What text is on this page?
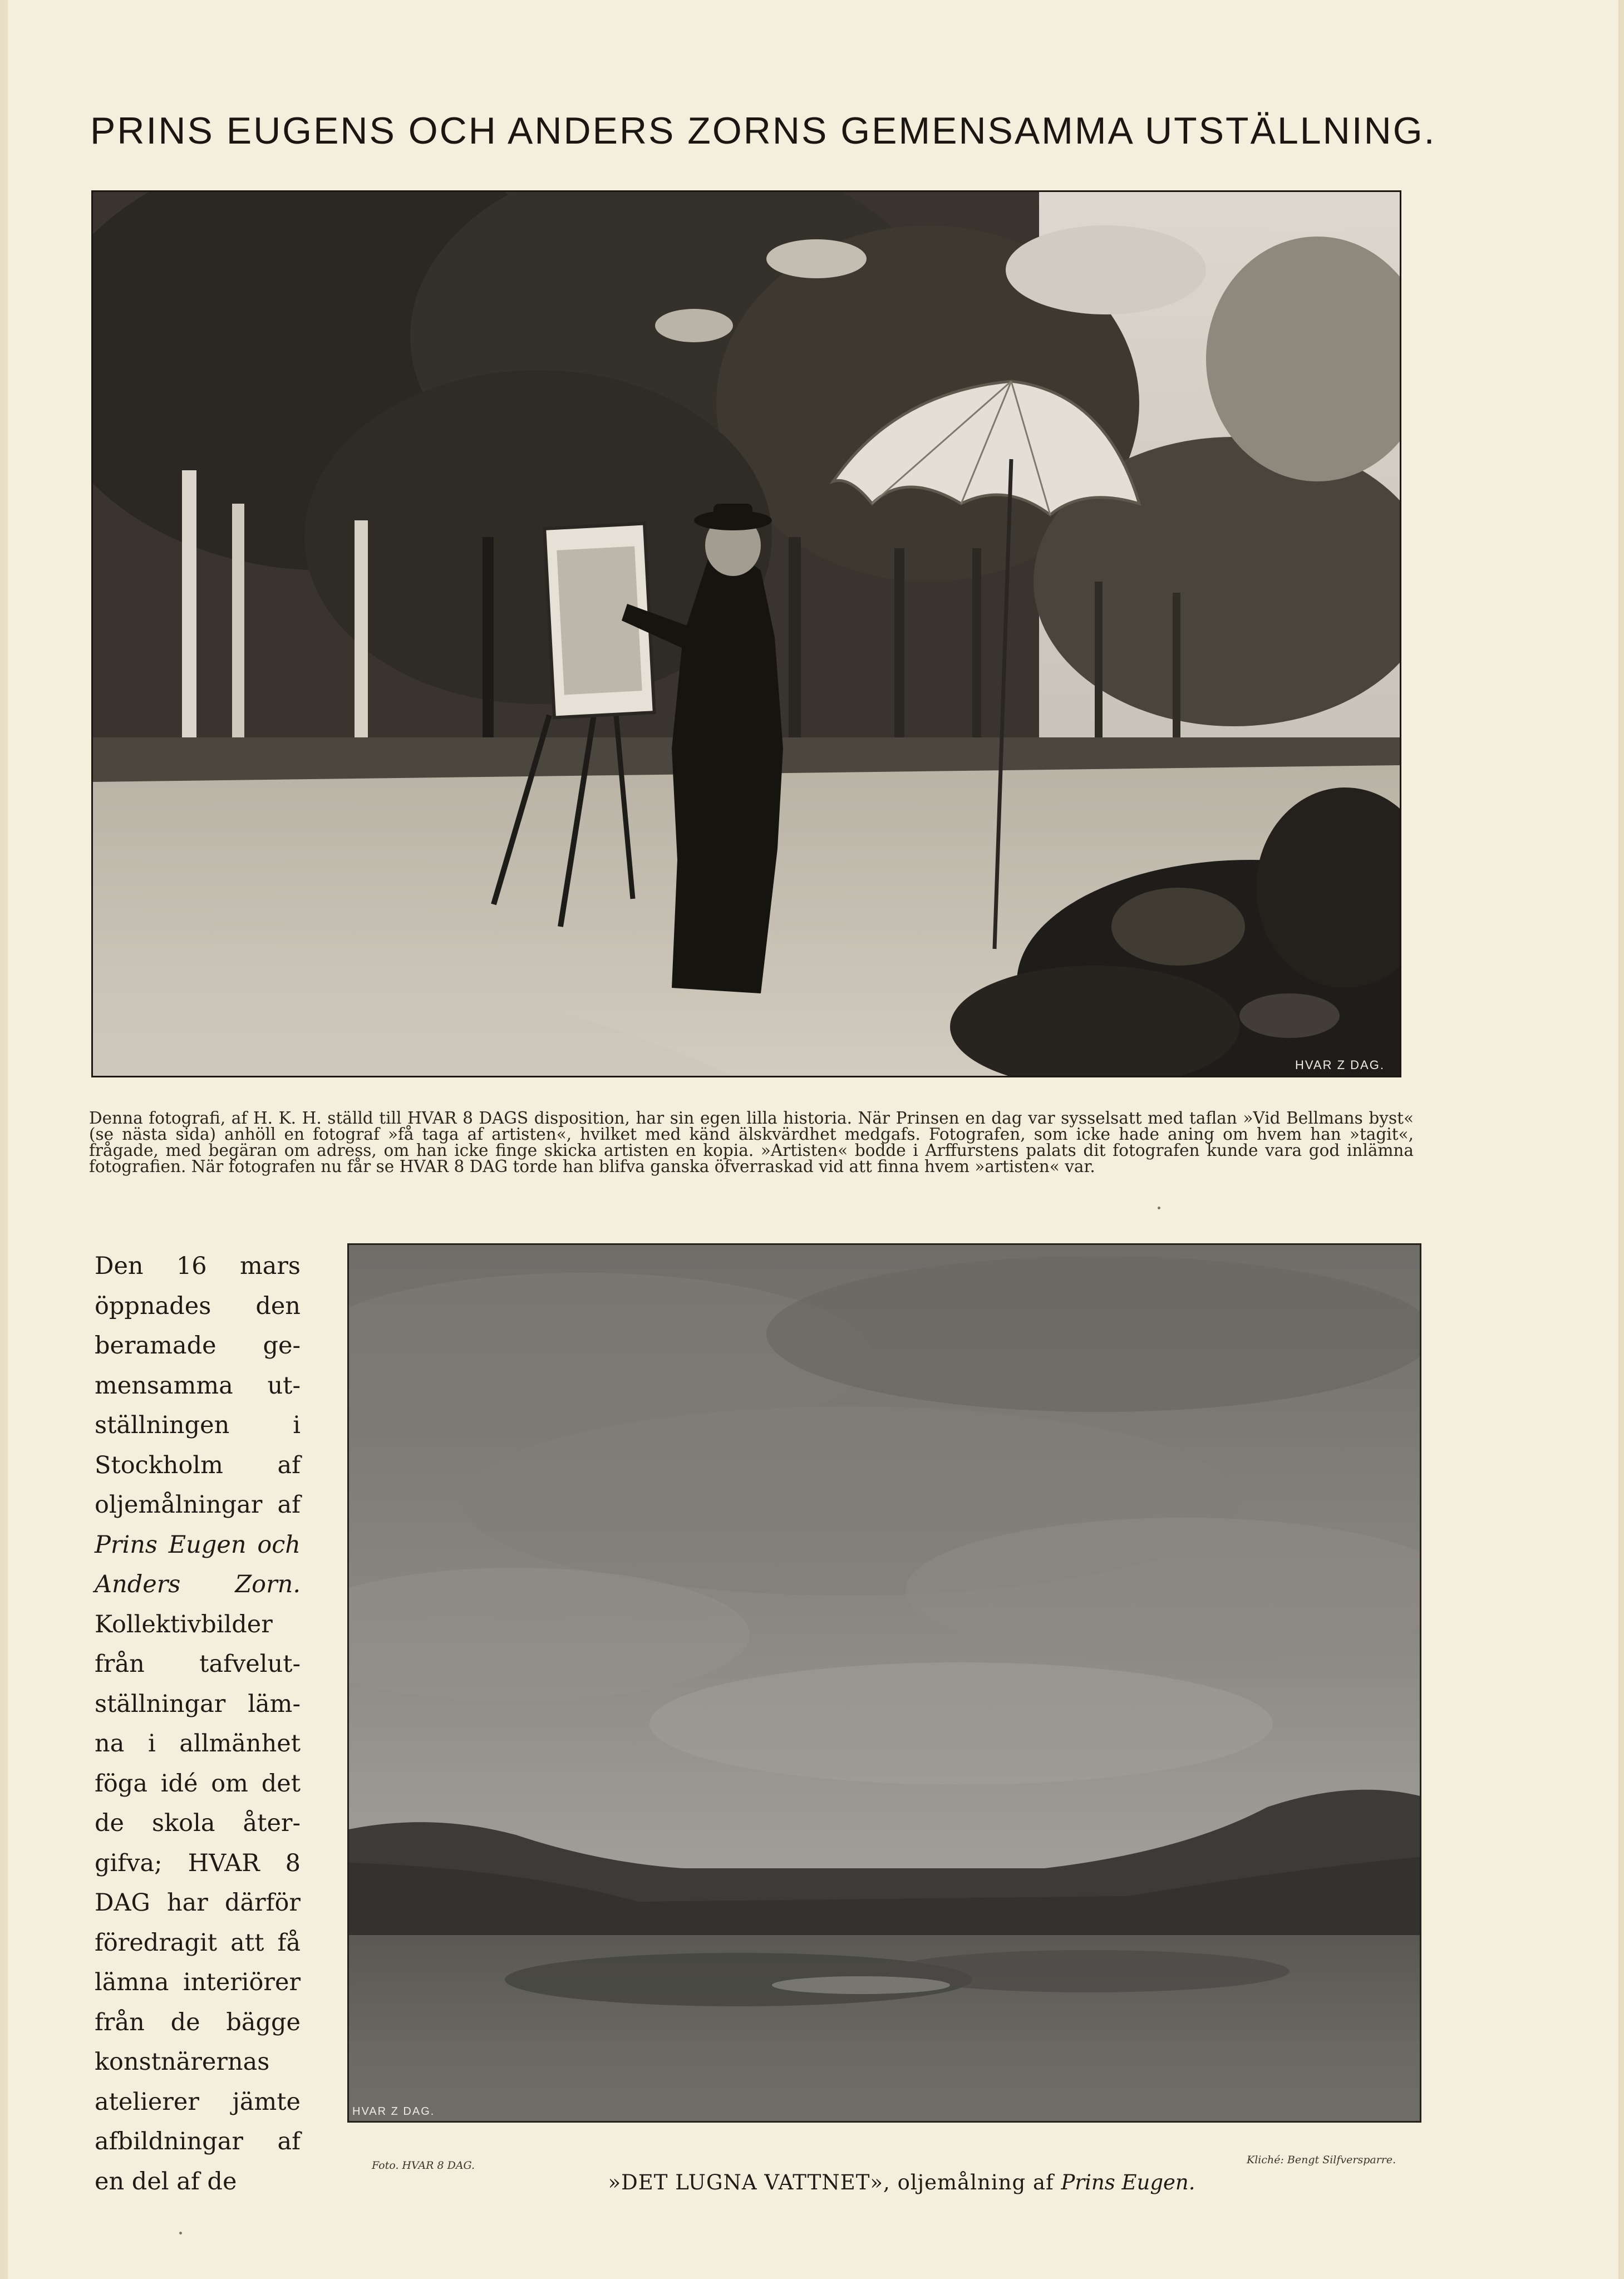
PRINS EUGENS OCH ANDERS ZORNS GEMENSAMMA UTSTÄLLNING.
HVAR Z DAG.
Denna fotografi, af H. K. H. ställd till HVAR 8 DAGS disposition, har sin egen lilla historia. När Prinsen en dag var sysselsatt med taflan »Vid Bellmans byst« (se nästa sida) anhöll en fotograf »få taga af artisten«, hvilket med känd älskvärdhet medgafs. Fotografen, som icke hade aning om hvem han »tagit«, frågade, med begäran om adress, om han icke finge skicka artisten en kopia. »Artisten« bodde i Arffurstens palats dit fotografen kunde vara god inlämna fotografien. När fotografen nu får se HVAR 8 DAG torde han blifva ganska öfverraskad vid att finna hvem »artisten« var.
Den 16 mars
öppnades den
beramade ge-
mensamma ut-
ställningen i
Stockholm af
oljemålningar af
Prins Eugen och
Anders Zorn.
Kollektivbilder
från tafvelut-
ställningar läm-
na i allmänhet
föga idé om det
de skola åter-
gifva; HVAR 8
DAG har därför
föredragit att få
lämna interiörer
från de bägge
konstnärernas
atelierer jämte
afbildningar af
en del af de
HVAR Z DAG.
Foto. HVAR 8 DAG.	Kliché: Bengt Silfversparre.
»DET LUGNA VATTNET», oljemålning af Prins Eugen.
